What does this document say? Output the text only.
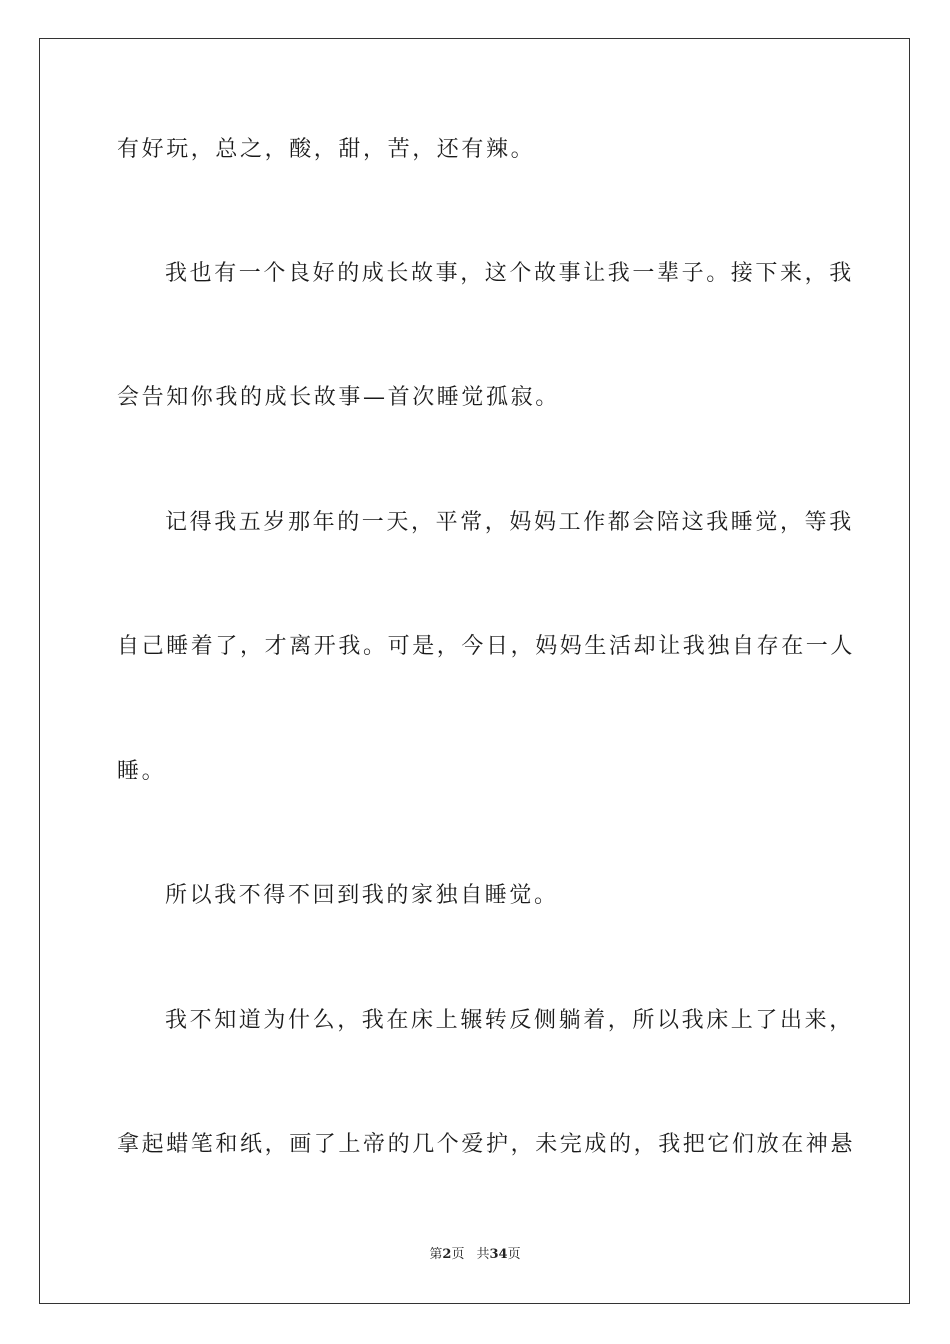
有好玩，总之，酸，甜，苦，还有辣。

我也有一个良好的成长故事，这个故事让我一辈子。接下来，我

会告知你我的成长故事—首次睡觉孤寂。

记得我五岁那年的一天，平常，妈妈工作都会陪这我睡觉，等我

自己睡着了，才离开我。可是，今日，妈妈生活却让我独自存在一人

睡。

所以我不得不回到我的家独自睡觉。

我不知道为什么，我在床上辗转反侧躺着，所以我床上了出来，

拿起蜡笔和纸，画了上帝的几个爱护，未完成的，我把它们放在神悬

第2页 共34页
